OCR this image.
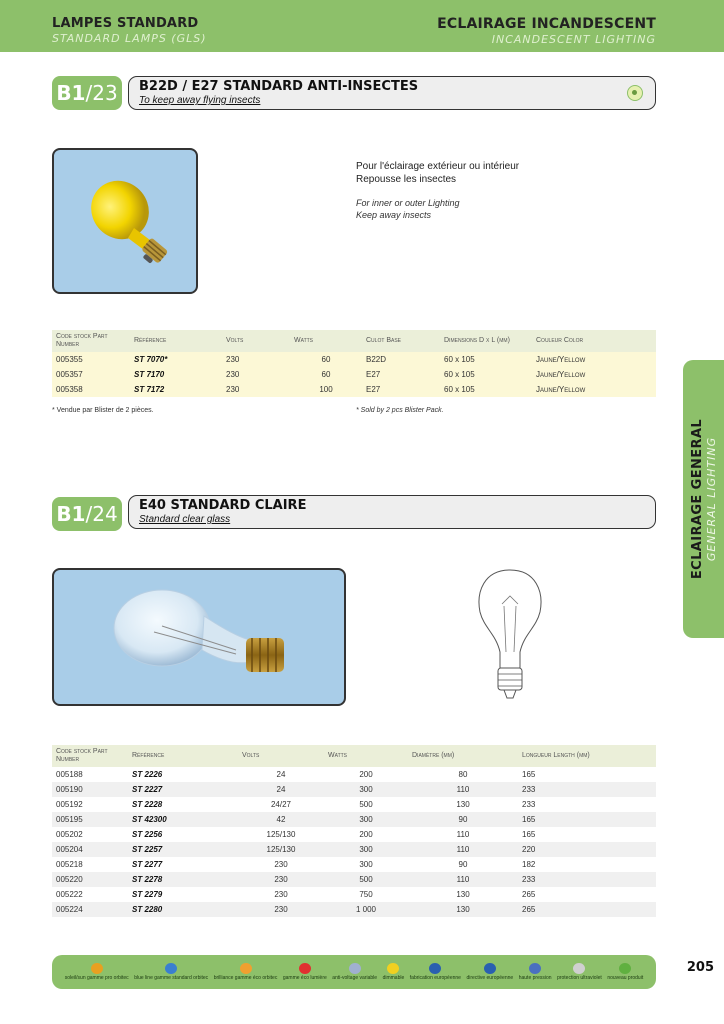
LAMPES STANDARD
STANDARD LAMPS (GLS)
ECLAIRAGE INCANDESCENT
INCANDESCENT LIGHTING
B1 /23 B22D / E27 STANDARD ANTI-INSECTES
To keep away flying insects
Pour l'éclairage extérieur ou intérieur
Repousse les insectes
For inner or outer Lighting
Keep away insects
Code stock Part Number	Référence	Volts	Watts	Culot Base	Dimensions D x L (mm)	Couleur Color
005355	ST 7070*	230	60	B22D	60 x 105	Jaune/Yellow
005357	ST 7170	230	60	E27	60 x 105	Jaune/Yellow
005358	ST 7172	230	100	E27	60 x 105	Jaune/Yellow
* Vendue par Blister de 2 pièces.	* Sold by 2 pcs Blister Pack.
B1 /24 E40 STANDARD CLAIRE
Standard clear glass
Code stock Part Number	Référence	Volts	Watts	Diamètre (mm)	Longueur Length (mm)
005188	ST 2226	24	200	80	165
005190	ST 2227	24	300	110	233
005192	ST 2228	24/27	500	130	233
005195	ST 42300	42	300	90	165
005202	ST 2256	125/130	200	110	165
005204	ST 2257	125/130	300	110	220
005218	ST 2277	230	300	90	182
005220	ST 2278	230	500	110	233
005222	ST 2279	230	750	130	265
005224	ST 2280	230	1 000	130	265
ECLAIRAGE GENERAL GENERAL LIGHTING
soleil/sun gamme pro orbitec blue line gamme standard orbitec brilliance gamme éco orbitec gamme éco lumière anti-voltage variable dimmable fabrication européenne directive européenne haute pression protection ultraviolet nouveau produit
205
